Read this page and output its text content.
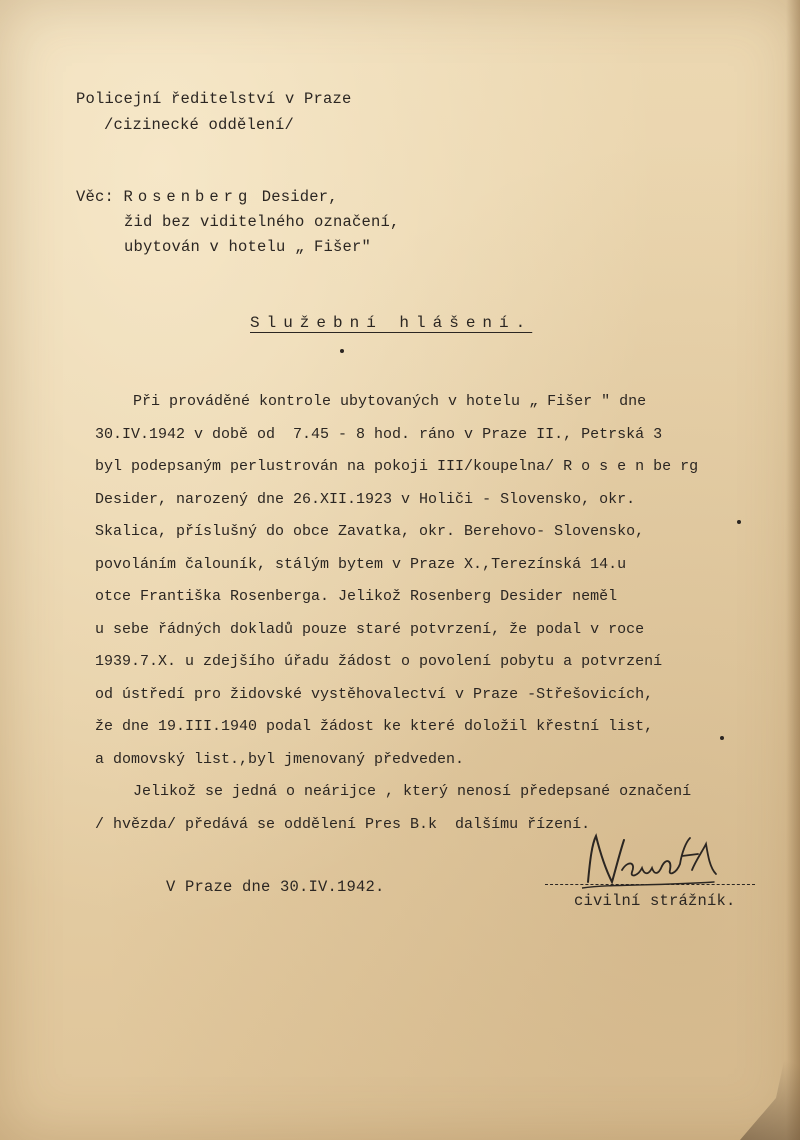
Policejní ředitelství v Praze
/cizinecké oddělení/
Věc: Rosenberg Desider,
žid bez viditelného označení,
ubytován v hotelu „ Fišer"
Služební hlášení.
Při prováděné kontrole ubytovaných v hotelu „ Fišer " dne
30.IV.1942 v době od  7.45 - 8 hod. ráno v Praze II., Petrská 3
byl podepsaným perlustrován na pokoji III/koupelna/ R o s e n be rg
Desider, narozený dne 26.XII.1923 v Holiči - Slovensko, okr.
Skalica, příslušný do obce Zavatka, okr. Berehovo- Slovensko,
povoláním čalouník, stálým bytem v Praze X.,Terezínská 14.u
otce Františka Rosenberga. Jelikož Rosenberg Desider neměl
u sebe řádných dokladů pouze staré potvrzení, že podal v roce
1939.7.X. u zdejšího úřadu žádost o povolení pobytu a potvrzení
od ústředí pro židovské vystěhovalectví v Praze -Střešovicích,
že dne 19.III.1940 podal žádost ke které doložil křestní list,
a domovský list.,byl jmenovaný předveden.
Jelikož se jedná o neárijce , který nenosí předepsané označení
/ hvězda/ předává se oddělení Pres B.k  dalšímu řízení.
V Praze dne 30.IV.1942.
civilní strážník.
